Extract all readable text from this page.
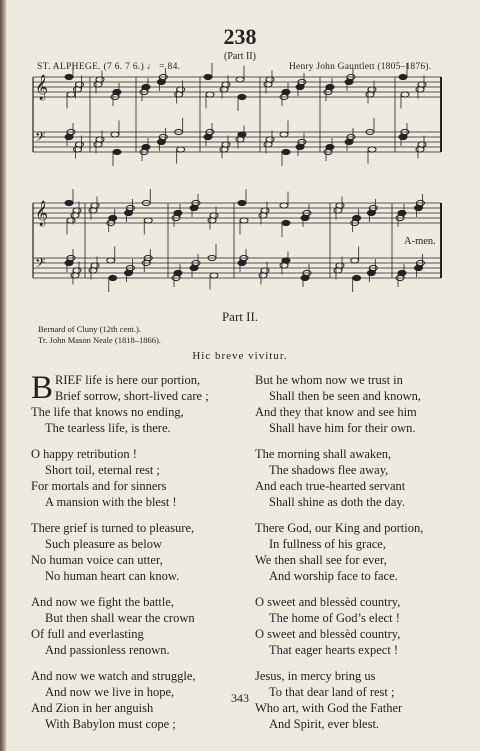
238
(Part II)
ST. ALPHEGE. (7 6. 7 6.) ♩ = 84.	Henry John Gauntlett (1805–1876).
𝄞
𝄢
𝄞
𝄢
A-men.
Part II.
Bernard of Cluny (12th cent.).
Tr. John Mason Neale (1818–1866).
Hic breve vivitur.
B RIEF life is here our portion,
Brief sorrow, short-lived care ;
The life that knows no ending,
The tearless life, is there.
O happy retribution !
Short toil, eternal rest ;
For mortals and for sinners
A mansion with the blest !
There grief is turned to pleasure,
Such pleasure as below
No human voice can utter,
No human heart can know.
And now we fight the battle,
But then shall wear the crown
Of full and everlasting
And passionless renown.
And now we watch and struggle,
And now we live in hope,
And Zion in her anguish
With Babylon must cope ;
But he whom now we trust in
Shall then be seen and known,
And they that know and see him
Shall have him for their own.
The morning shall awaken,
The shadows flee away,
And each true-hearted servant
Shall shine as doth the day.
There God, our King and portion,
In fullness of his grace,
We then shall see for ever,
And worship face to face.
O sweet and blessèd country,
The home of God’s elect !
O sweet and blessèd country,
That eager hearts expect !
Jesus, in mercy bring us
To that dear land of rest ;
Who art, with God the Father
And Spirit, ever blest.
343
